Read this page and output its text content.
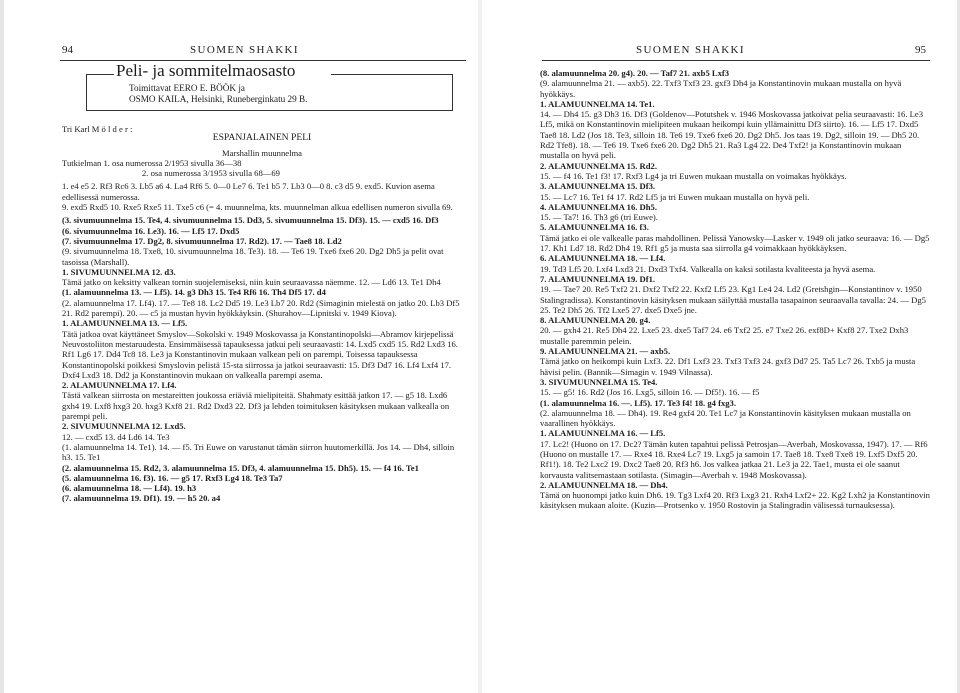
94	SUOMEN SHAKKI
Peli- ja sommitelmaosasto
Toimittavat EERO E. BÖÖK ja
OSMO KAILA, Helsinki, Runeberginkatu 29 B.

Tri Karl M ö l d e r :

ESPANJALAINEN PELI

Marshallin muunnelma

Tutkielman 1. osa numerossa 2/1953 sivulla 36—38

2. osa numerossa 3/1953 sivulla 68—69

1. e4 e5 2. Rf3 Rc6 3. Lb5 a6 4. La4 Rf6 5. 0—0 Le7 6. Te1 b5 7. Lb3 0—0 8. c3 d5 9. exd5. Kuvion asema edellisessä numerossa.

9. exd5 Rxd5 10. Rxe5 Rxe5 11. Txe5 c6 (= 4. muunnelma, kts. muunnelman alkua edellisen numeron sivulla 69.

(3. sivumuunnelma 15. Te4, 4. sivumuunnelma 15. Dd3, 5. sivumuunnelma 15. Df3). 15. — cxd5 16. Df3

(6. sivumuunnelma 16. Le3). 16. — Lf5 17. Dxd5

(7. sivumuunnelma 17. Dg2, 8. sivumuunnelma 17. Rd2). 17. — Tae8 18. Ld2

(9. sivumuunnelma 18. Txe8, 10. sivumuunnelma 18. Te3). 18. — Te6 19. Txe6 fxe6 20. Dg2 Dh5 ja pelit ovat tasoissa (Marshall).

1. SIVUMUUNNELMA 12. d3.

Tämä jatko on keksitty valkean tornin suojelemiseksi, niin kuin seuraavassa näemme. 12. — Ld6 13. Te1 Dh4

(1. alamuunnelma 13. — Lf5). 14. g3 Dh3 15. Te4 Rf6 16. Th4 Df5 17. d4

(2. alamuunnelma 17. Lf4). 17. — Te8 18. Lc2 Dd5 19. Le3 Lb7 20. Rd2 (Simaginin mielestä on jatko 20. Lb3 Df5 21. Rd2 parempi). 20. — c5 ja mustan hyvin hyökkäyksin. (Shurahov—Lipnitski v. 1949 Kiova).

1. ALAMUUNNELMA 13. — Lf5.

Tätä jatkoa ovat käyttäneet Smyslov—Sokolski v. 1949 Moskovassa ja Konstantinopolski—Abramov kirjepelissä Neuvostoliiton mestaruudesta. Ensimmäisessä tapauksessa jatkui peli seuraavasti: 14. Lxd5 cxd5 15. Rd2 Lxd3 16. Rf1 Lg6 17. Dd4 Tc8 18. Le3 ja Konstantinovin mukaan valkean peli on parempi. Toisessa tapauksessa Konstantinopolski poikkesi Smyslovin pelistä 15-sta siirrossa ja jatkoi seuraavasti: 15. Df3 Dd7 16. Lf4 Lxf4 17. Dxf4 Lxd3 18. Dd2 ja Konstantinovin mukaan on valkealla parempi asema.

2. ALAMUUNNELMA 17. Lf4.

Tästä valkean siirrosta on mestareitten joukossa eriäviä mielipiteitä. Shahmaty esittää jatkon 17. — g5 18. Lxd6 gxh4 19. Lxf8 hxg3 20. hxg3 Kxf8 21. Rd2 Dxd3 22. Df3 ja lehden toimituksen käsityksen mukaan valkealla on parempi peli.

2. SIVUMUUNNELMA 12. Lxd5.

12. — cxd5 13. d4 Ld6 14. Te3

(1. alamuunnelma 14. Te1). 14. — f5. Tri Euwe on varustanut tämän siirron huutomerkillä. Jos 14. — Dh4, silloin h3. 15. Te1

(2. alamuunnelma 15. Rd2, 3. alamuunnelma 15. Df3, 4. alamuunnelma 15. Dh5). 15. — f4 16. Te1

(5. alamuunnelma 16. f3). 16. — g5 17. Rxf3 Lg4 18. Te3 Ta7

(6. alamuunnelma 18. — Lf4). 19. h3

(7. alamuunnelma 19. Df1). 19. — h5 20. a4

SUOMEN SHAKKI	95

(8. alamuunnelma 20. g4). 20. — Taf7 21. axb5 Lxf3

(9. alamuunnelma 21. — axb5). 22. Txf3 Txf3 23. gxf3 Dh4 ja Konstantinovin mukaan mustalla on hyvä hyökkäys.

1. ALAMUUNNELMA 14. Te1.

14. — Dh4 15. g3 Dh3 16. Df3 (Goldenov—Potutshek v. 1946 Moskovassa jatkoivat pelia seuraavasti: 16. Le3 Lf5, mikä on Konstantinovin mielipiteen mukaan heikompi kuin yllämainittu Df3 siirto). 16. — Lf5 17. Dxd5 Tae8 18. Ld2 (Jos 18. Te3, silloin 18. Te6 19. Txe6 fxe6 20. Dg2 Dh5. Jos taas 19. Dg2, silloin 19. — Dh5 20. Rd2 Tfe8). 18. — Te6 19. Txe6 fxe6 20. Dg2 Dh5 21. Ra3 Lg4 22. De4 Txf2! ja Konstantinovin mukaan mustalla on hyvä peli.

2. ALAMUUNNELMA 15. Rd2.

15. — f4 16. Te1 f3! 17. Rxf3 Lg4 ja tri Euwen mukaan mustalla on voimakas hyökkäys.

3. ALAMUUNNELMA 15. Df3.

15. — Lc7 16. Te1 f4 17. Rd2 Lf5 ja tri Euwen mukaan mustalla on hyvä peli.

4. ALAMUUNNELMA 16. Dh5.

15. — Ta7! 16. Th3 g6 (tri Euwe).

5. ALAMUUNNELMA 16. f3.

Tämä jatko ei ole valkealle paras mahdollinen. Pelissä Yanowsky—Lasker v. 1949 oli jatko seuraava: 16. — Dg5 17. Kh1 Ld7 18. Rd2 Dh4 19. Rf1 g5 ja musta saa siirrolla g4 voimakkaan hyökkäyksen.

6. ALAMUUNNELMA 18. — Lf4.

19. Td3 Lf5 20. Lxf4 Lxd3 21. Dxd3 Txf4. Valkealla on kaksi sotilasta kvaliteesta ja hyvä asema.

7. ALAMUUNNELMA 19. Df1.

19. — Tae7 20. Re5 Txf2 21. Dxf2 Txf2 22. Kxf2 Lf5 23. Kg1 Le4 24. Ld2 (Gretshgin—Konstantinov v. 1950 Stalingradissa). Konstantinovin käsityksen mukaan säilyttää mustalla tasapainon seuraavalla tavalla: 24. — Dg5 25. Te2 Dh5 26. Tf2 Lxe5 27. dxe5 Dxe5 jne.

8. ALAMUUNNELMA 20. g4.

20. — gxh4 21. Re5 Dh4 22. Lxe5 23. dxe5 Taf7 24. e6 Txf2 25. e7 Txe2 26. exf8D+ Kxf8 27. Txe2 Dxh3 mustalle paremmin pelein.

9. ALAMUUNNELMA 21. — axb5.

Tämä jatko on heikompi kuin Lxf3. 22. Df1 Lxf3 23. Txf3 Txf3 24. gxf3 Dd7 25. Ta5 Lc7 26. Txb5 ja musta hävisi pelin. (Bannik—Simagin v. 1949 Vilnassa).

3. SIVUMUUNNELMA 15. Te4.

15. — g5! 16. Rd2 (Jos 16. Lxg5, silloin 16. — Df5!). 16. — f5

(1. alamuunnelma 16. —. Lf5). 17. Te3 f4! 18. g4 fxg3.

(2. alamuunnelma 18. — Dh4). 19. Re4 gxf4 20. Te1 Lc7 ja Konstantinovin käsityksen mukaan mustalla on vaarallinen hyökkäys.

1. ALAMUUNNELMA 16. — Lf5.

17. Lc2! (Huono on 17. Dc2? Tämän kuten tapahtui pelissä Petrosjan—Averbah, Moskovassa, 1947). 17. — Rf6 (Huono on mustalle 17. — Rxe4 18. Rxe4 Lc7 19. Lxg5 ja samoin 17. Tae8 18. Txe8 Txe8 19. Lxf5 Dxf5 20. Rf1!). 18. Te2 Lxc2 19. Dxc2 Tae8 20. Rf3 h6. Jos valkea jatkaa 21. Le3 ja 22. Tae1, musta ei ole saanut korvausta valitsemastaan sotilasta. (Simagin—Averbah v. 1948 Moskovassa).

2. ALAMUUNNELMA 18. — Dh4.

Tämä on huonompi jatko kuin Dh6. 19. Tg3 Lxf4 20. Rf3 Lxg3 21. Rxh4 Lxf2+ 22. Kg2 Lxh2 ja Konstantinovin käsityksen mukaan aloite. (Kuzin—Protsenko v. 1950 Rostovin ja Stalingradin välisessä turnauksessa).
